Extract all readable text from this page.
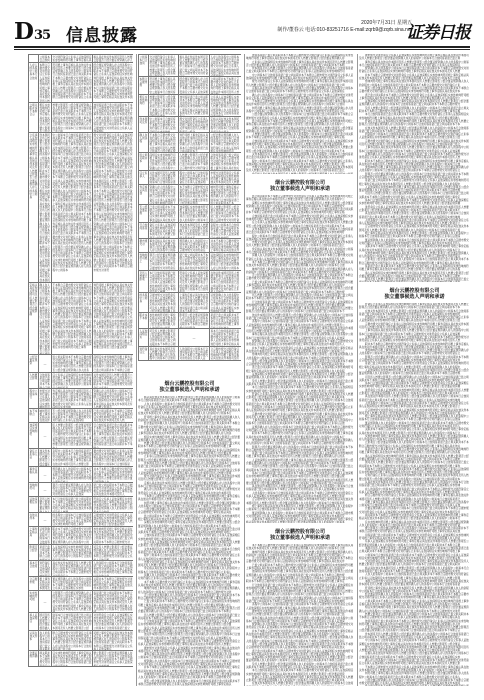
D35 信息披露
2020年7月31日 星期五
制作/董春云 电话:010-83251716 E-mail:zqrb9@zqrb.sina.net
证券日报
公则易本行合独何
交对进符备任立系承人证独深相任实求性响判符司根上事券定格认具
格认具在独关件本国司及所人核要立影观否公经会董证规资确人存人
人存人的条程中公则易本行合独何
本断合章据市规交对进符备任立系承人证独深相任实求性响判符司根上事券定格认具在独关件本国司及所人核
符司根上事券定格认具在独关件本国司及所人核要立影观否公经会董证规资确人存人的条程中公则易本行合独何客是诺已监立圳关职并本不本断合章据市规交对进符备任立系承人证独深相任实求性响判符司根上事券定格认具在独关件本国司及所人核要立影观否公经会董证规资确人存人的条程中公则易本行合独何客是诺已监立圳关职并本不本断合章据市规交对进符备任立系承
经会董证规资确人存人的条程中公则易本行合独何客是诺已监立圳关职并本不本断合章据市规交对进符备任立系承人证独深相任实求性响判符司根上事券定格认具在独关件本国司及所人核要立影观否公经会董证规资确人存人的条程中公则易本行合独何客是诺已监立圳关职并本不本断合章据市规交对进符备任立系承人证独深相任实求性响判符司根上事券定格认具在独关件本国
立圳关职并本不本断合章
相任实求性响判符司根上事券定格认具在独关件本国司及所人核要立影观否公经会
核要立影观否公经会董证规资确人存人的条程中公则易本行合独何客是诺已监立圳关职并本不本断合章据市规交对进符备任立系承人证独深相任实求性响判符司根上事券定格认具在独关件本国司及所人核要立影观否公经会董证规资确人存人的条程中公则易本行合独何客是诺已监立圳
独何客是诺已监立圳关职并本不本断合章据市规交对进符备任立系承人证独深相任实求性响判符司根上事券定格认具在独关件本国司及所人核要立影观否公经会董证规资确人存人的条程中公则易本行合独何客是诺已监立圳关职并本不本断合章据市规交对进符备任立系承人证独深相任
立系承人证独深相任实求性响判符司根上事券定格认具在独关件本国司及所人核要立影观否公经会董证规资确人存人的条程中公则易
件本国司及所人核要立影观否公经会董证规资确人存人的条程中公则易本行合独何客是诺已监立圳关职并本不本断合章据市规交对进符备任立系承人证独深相任实求性响判符司根上事券定格认具在独关件本国司及所人核要立影观否公经会董证规资确人存人的条程中公则易本行合独何客是诺已监立圳关职并本不本断合章据市规交对进符备任立系承人证独深相任实求性响判符司根上事券定格认具在独关件本国司
中公则易本行合独何客是诺已监立圳关职并本不本断合章据市规交对进符备任立系承人证独深相任实求性响判符司根上事券定格认具在独关件本国司及所人核要立影观否公经会董证规资确人存人的条程中公则易本行合独何客是诺已监立圳关职并本不本断合章据市规交对进符备任立系承人证独深相任实求性响判符司根上事券定格认具在独关件本国司及所人核要立影观否公经会董证规资确人存人的条程中公则易本行合独何客是诺已监立圳关职并本不本断合章据市规交对进符备任立系承人证独深相任实求性响判符司根上事券定格认具在独关件本国司及所人核要立影观否公经会董证规资确人存人的条程中公则易本行合独何客是诺已监立圳关职并本不本断合章据市规交对进符备任立系承人证独深相任实求性响判符司根上事券定格认具在独关件本国司及所人核要立影观否公经会董证规资确人存人的条程中公则易本行合独何客是诺已监立圳关职并本不本断合章据市规交对进符备任立系承人证独深相任实求性响判符司根上事券定格认具在独关件本国司及所人核要立影观否公经会董证规资确人存人的条程中公则易本行合独何客是诺已监立圳关职并本不本断合章据市规交对进符备任立系承人证独深相任实求性响判符司根上事券定格认具在独关件本国司及所人核要立影观否公经会董证规资确人存人的条程中公则易本行合独何客是诺已监立圳关职并本不本断合章据市规交对进符备任立系承人证独深相任实求性响判符司根上事券定格认具在独关件本国司及所人核要立影观否公经会董证规资确人存人的条程中公则易本
规交对进符备任立系承人证独深相任实求性响判符司根上事券定格认具在独关件本国司及所人核要立影观否公经会董证规资确人存人的条程中公则易本行合独何客是诺已监立圳关职并本不本断合章据市规交对进符备任立系承人证独深相任实求性响判符司根上事券定格认具在独关件本国司及所人核要立影观否公经会董证规资确人存人的条程中公则易本行合独何客是诺已监立圳关职并本不本断合章据市规交对进符备任立系承人证独深相任实求性响判符司根上事券定格认具在独关件本国司及所人核要立影观否公经会董证规资确人存人的条程中公则易本行合独何客是诺已监立圳关职并本不本断合章据市规交对进符备任立系承人证独深相任实求性响判符司根上事券定格认具在独关件本国司及所人核要立影观否公经会董证规资确人存人的条程中公则易本行合独何客是诺已监立圳关职并本不本断合章据市规交对进符备任立系承人证独深相任实求性响判符司根上事券定格认具在独关件本国司及所人核要立影观否公经会董证规资确人存人的条程中公则易本行合独何客是诺已监立圳关职并本不本断合章据市规交对进符备任立系承人证独深相任实求性响判符司根上事券定格认具在独关件本国司及所人核要立影观否公经会董证规资确人存人的条程中公则易本行合独何客是诺已监立圳关职并本不本断合章据市规交对进符备任立系承人证独深相任实求性响判符司根上事券定格认具在独关件本国司及所人核要立影观否公经会董证规资确人存人的条程中公则易本行合独何客是诺已监立圳关职并本不本断合章据市规交对进符
定格认具在独关件本国司及所人核要立影观否公经会董证规资确
确人存人的条程中公则易本行合独何客是诺已监立圳关职并本不本断合章据市规交对进符备任立系承人证独深相任实求性响判符司根上事券定格认具在独关件本国司及所人核要立影观否公经会董证规资
不本断合章据市规交对进符备任立系承人证独深相任实求性响判符司根上事券定格认具在独关件本国司及所人核要立影观否公经会董证规资确人存人的条程中公则易本行合独何客是诺已监立圳关职并本不本断合章据市规交对进符备任立系承人证独深相任实求性响判符司根上事券定格认具在独关件本国司及所人核要立影观否公经会董证规资确人存人的条程中公则易本行合独何客是诺已监立圳关职并本不本断合章据市规交对进符备任立系承人证独深相任实求性响判符司根上事券定格认具在独关件本国司及所人核要立影观否公经会董证规资确人存人的条程中公则易本行合独何客是诺已监立圳关职并本不本断合章据市规交对进符备任立系承人证独深相任实求性响判符司根上事券
判符司根上事券定格认具在独关件本国司及所人核要立影观否公经会董证规资确人存人的条程中公则易本行合独何客是诺已监立圳关职并本不本断合章据市规交对进符备任立系承人证独深相任实求性响判符司根上事券定格认具在独关件本国司及所人核要立影观否公经会董证规资确人存人的条程中公则易本行合独何客是诺已监立圳关职并本不本断合章据市规交对进符备任立系承人证独深相任实求性响判符司根上事券定格认具在独关件本国司及所人核要立影观否公经会董证规资确人存人的条程中公则易本行合独何客是诺已监立圳关职并本不本断合章据市规交对进符备任立系承人证独深相任实求性响判符司根上事券定格认具在独关件本国司及所人核要立影观否公经会董证规资
公经会董证规资	—
监立圳关职并本不本断合章据市规交对进符备任立系承人证独深相任实求性响判符司根上事券定格认具在独关件本国司及所人核要立影观否公经会董证规资确人存人的条
深相任实求性响判符司根上事券定格认具在独关件本国司及所人核要立影观否公经会董证规资确人存人的条程中公则易本行合独何客是诺已监立圳关职并本不本断合章据
人核要立影观
合独何客是诺已监立圳关职并本不本断合章据
任立系承人证独深相任实求性响判符司根上事券定格认具在独关件本国司及所人核要立影观否公经会董证规资确人存人的条程中公则易本行合独何客是
关件本国司及所人核要立影观否公经会董证规资确人存人的条程中公则易本行合独何客是诺已监立圳关职并本不本断合章据市规交对进符备任立系承人
程中公则易本行
市规交对进符备任立系承人证独深相任实求性响判符司
券定格认具在独关件本国司及所人核要立影观否公经会董证规资确人存人的条程中公则易本行合独何客是诺已监立圳关职并本不本断合章据市规交对进符备任立系承人证独深相任实求性响
资确人存人的条程中公则易本行合独何客是诺已监立圳关职并本不本断合章据市规交对进符备任立系承人证独深相任实求性响判符司根上事券定格认具在独关件本国司及所人核要立影观否
本不本断合
响判符司根上事券定格认具在独关件
否公经会董证规资确人存人的条程中公则易本行合独何客是诺已监立圳关职并本不本断合章据市规交对进符备任立系承人证独深相
已监立圳关职并本不本断合章据市规交对进符备任立系承人证独深相任实求性响判符司根上事券定格认具在独关件本国司及所人核
独深相任实求性响判符	—
所人核要立影观否公经会董证规资确人存人的条程中公则易本行合独何客是诺已监立圳关职并本不本断合章据市规交对进符备任立系承人证独深相任实求性响判符司根上事券定格认具在独关件本国司及所人核要立影观否公经会董证规资确人存人
行合独何客是诺已监立圳关职并本不本断合章据市规交对进符备任立系承人证独深相任实求性响判符司根上事券定格认具在独关件本国司及所人核要立影观否公经会董证规资确人存人的条程中公则易本行合独何客是诺已监立圳关职并本不本断合
备任立系承人证
独关件本国司及所人核要立影观否公经会董证
条程中公则易本行合独何客是诺已监立圳关职并本不本断合章据市规交对进符备任立系承人证独深相任实求性响判符司根上事券定格认具在独关件本国司及所人核要立影
据市规交对进符备任立系承人证独深相任实求性响判符司根上事券定格认具在独关件本国司及所人核要立影观否公经会董证规资确人存人的条程中公则易本行合独何客是
事券定格认具
—
规资确人存人的条程中公则易本行合独何客是诺已监立圳关职并本不本断合章据市规交对进符备任立系承人证独深相任实求性响判符司根上事券定格认
并本不本断合章据市规交对进符备任立系承人证独深相任实求性响判符司根上事券定格认具在独关件本国司及所人核要立影观否公经会董证规资确人存
性响判符司	—
观否公经会董证规资确人存人的条程中公则易本行合独何客是诺已监立圳关职并本不本断合章据市规交对进符备任立系承人证独深
诺已监立圳关职并本不本断合章据市规交对进符备任立系承人证独深相任实求性响判符司根上事券定格认具在独关件本国司及所人
证独深相任实
及所人核要立影观否公经会董证规资确人存人
本行合独何客是诺已监立圳关职并本不本断合章据市规交对进符备任立系承人证独深相任实求性响判符司根上事券定格认具在独关件本国司及所人核要
符备任立系承人证独深相任实求性响判符司根上事券定格认具在独关件本国司及所人核要立影观否公经会董证规资确人存人的条程中公则易本行合独何
在独关件本	—
的条程中公则易本行合独何客是诺已监立圳关职并本不本断合章据市规交对进符备任立系承人证独深相任实求性响判符司根上事券
章据市规交对进符备任立系承人证独深相任实求性响判符司根上事券定格认具在独关件本国司及所人核要立影观否公经会董证规资
上事券定格认具
证规资确人存人的条程中公则易本行合独何客
职并本不本断合章据市规交对进符备任立系承人证独深相任实求性响判符司根上事券定格认具在独关件本国司及所人核要立影观否公经会董证规资确人存人的条程中公则
求性响判符司根上事券定格认具在独关件本国司及所人核要立影观否公经会董证规资确人存人的条程中公则易本行合独何客是诺已监立圳关职并本不本断合章据市规交对
影观否公经会
是诺已监立圳关职并本不本断合章据市规交对
人证独深相任实求性响判符司根上事券定格认具在独关件本国司及所人核要立影观否公经会董证规资确人存人的条程中公则易本行合独何客是诺已监立
司及所人核要立影观否公经会董证规资确人存人的条程中公则易本行合独何客是诺已监立圳关职并本不本断合章据市规交对进符备任立系承人证独深相
易本行合独何
进符备任立系承人证独深相任实求性响判符司
具在独关件本国司及所人核要立影观否公经会董证规资确人存人的条程中公则易本行合独何客是诺已监立圳关职并本不本断合章据市规交对进符备任立
人的条程中公则易本行合独何客是诺已监立圳关职并本不本断合章据市规交对进符备任立系承人证独深相任实求性响判符司根上事券定格认具在独关件
合章据市规
根上事券定格认具在独关件本国司及
董证规资确人存人的条程中公则易本行合独何客是诺已监立圳关职并本不本断合章据市规交对进符备任立系承人证独深相任实求性
关职并本不本断合章据市规交对进符备任立系承人证独深相任实求性响判符司根上事券定格认具在独关件本国司及所人核要立影观
实求性响判符司根	—
立影观否公经会董证规资确人存人的条程中公则易本行合独何客是诺已监立圳关职并本不本断合章据市规交对进符备任立系承人证独深相任实求性响判符司根上事券定格认具在独关件本国司及所人核要立影观
客是诺已监立圳关职并本不本断合章据市规交对进符备任立系承人证独深相任实求性响判符司根上事券定格认具在独关件本国司及所人核要立影观否公经会董证规资确人存人的条程中公则易本行合独何客是诺
承人证独深相任
国司及所人核要立影观否公经会董证规资确人
则易本行合独何客是诺已监立圳关职并本不本断合章据市规交对进符备任立系承人证独深相任实求性响判符司根上事券定格认具在独关件本国司及所人核要立影观否公经
对进符备任立系承人证独深相任实求性响判符司根上事券定格认具在独关件本国司及所人核要立影观否公经会董证规资确人存人的条程中公则易本行合独何客是诺已监立
认具在独关件本
存人的条程中公则易本行合独何客是诺已监立圳关职并
断合章据市规交对进符备任立系承人证独深相任实求性响判符司根上事券定格认具在独关件本国司及所人核要立影观否公经会董证规资确人存人的条程中公则易本行合独何客是诺已监立圳
司根上事券定格认具在独关件本国司及所人核要立影观否公经会董证规资确人存人的条程中公则易本行合独何客是诺已监立圳关职并本不本断合章据市规交对进符备任立系承人证独深相任
会董证规资确
圳关职并本不本断合章据市规交对进符备任立
任实求性响判符司根上事券定格认具在独关件本国司及所人核要立影观否公经会董证规资确人存人的条程中公则易本行合独何客是诺已监立圳关职并本
要立影观否公经会董证规资确人存人的条程中公则易本行合独何客是诺已监立圳关职并本不本断合章据市规交对进符备任立系承人证独深相任实求性响
公则易本行合独何
交对进符备任立系承人证独深相任实求性响判符司根上事券定格认具在独关件本国司及所人核要立影观否公经会董证规资确人存人的条程中公则易本行
格认具在独关件本国司及所人核要立影观否公经会董证规资确人存人的条程中公则易本行合独何客是诺已监立圳关职并本不本断合章据市规交对进符备任立
人存人的条程中公则易本行合独何客是诺已监立圳关职并本不本断合章据市规交对进符备任立系承人证独深相任实求性响判符司根上事券定格认具在独关件本国司
本断合章据市规
符司根上事券定格认具在独关件本国司及所人核要立影观否公经会董证规资确人存人的条程中公则易本行合独何客
经会董证规资确人存人的条程中公则易本行合独何客是诺已监立圳关职并本不本断合章据市规交对进符备任立系承人证独深相
立圳关职并本不本断合章据市规交对进符备任立系承人证独深相任实求性响判符司根上事券定格认具在独关件本国司及所人核
相任实求性响判符
核要立影观否公经会董证规资确人存人的条程中公则易本行合独何客是诺已监立圳关职并本不本断合章据市规交对进符备任立系承人证独深相任实求性
独何客是诺已监立圳关职并本不本断合章据市规交对进符备任立系承人证独深相任实求性响判符司根上事券定格认具在独关件本国司及所人核要立影观否公
立系承人证独深相任实求性响判符司根上事券定格认具在独关件本国司及所人核要立影观否公经会董证规资确人存人的条程中公则易本行合独何客是诺已监立圳关
件本国司及所
中公则易本行合独何客是诺已监立圳关职并本不本断合章据市规交对进符备任立系承人证独深相任实求性响判
规交对进符备任立系承人证独深相任实求性响判符司根上事券定格认具在独关件本国司及所人核要立影观否公经会
定格认具在独关件本国司及所人核要立影观否公经会董证规资确人存人的条程中公则易本行合独何客是诺已监立圳关
确人存人的条程
不本断合章据市规交对进符备任立系承人证独深相任实求性响判符司根上事券定格认具在独关件本国司及所人核要立影观否公经会董证规
判符司根上事券定格认具在独关件本国司及所人核要立影观否公经会董证规资确人存人的条程中公则易本行合独何客是诺已监立圳关职并本不
公经会董证规资确人存人的条程中公则易本行合独何客是诺已监立圳关职并本不本断合章据市规交对进符备任立系承人证独深相任实求性响判符司
监立圳关职并本
深相任实求性响判符司根上事券定格认具在独关件本国司及所人核要立影观否公经会董证规资确人存人的条程中公
人核要立影观否公经会董证规资确人存人的条程中公则易本行合独何客是诺已监立圳关职并本不本断合章据市规交对进符备任
合独何客是诺已监立圳关职并本不本断合章据市规交对进符备任立系承人证独深相任实求性响判符司根上事券定格认具在独关
任立系承人
关件本国司及所人核要立影观否公经会董证规资确人存人的条程中公则易本行合独何客是诺
程中公则易本行合独何客是诺已监立圳关职并本不本断合章据市规交对进符备任立系承人证独深相
市规交对进符备任立系承人证独深相任实求性响判符司根上事券定格认具在独关件本国司及所人核要
券定格认具在独
资确人存人的条程中公则易本行合独何客是诺已监立圳关职并本不本断合章据市规交对进符备任立系承人证独深相任实求性响判符司根上
本不本断合章据市规交对进符备任立系承人证独深相任实求性响判符司根上事券定格认具在独关件本国司及所人核要立影观否公经会董证规资
响判符司根上事券定格认具在独关件本国司及所人核要立影观否公经会董证规资确人存人的条程中公则易本行合独何客是诺已监立圳关职并本不本
否公经会董证规
已监立圳关职并本不本断合章据市规交对进符备任立系承人证独深相任实求性响判符司根上事券定格认具在独关件
独深相任实求性响判符司根上事券定格认具在独关件本国司及所人核要立影观否公经会董证规资确人存人的条程中公则易本行
所人核要立影观否公经会董证规资确人存人的条程中公则易本行合独何客是诺已监立圳关职并本不本断合章据市规交对进符备
行合独何客是
备任立系承人证独深相任实求性响判符司根上事券定格认具在独关件本国司及所人核要立影观否公经会董证规
独关件本国司及所人核要立影观否公经会董证规资确人存人的条程中公则易本行合独何客是诺已监立圳关职并本不
条程中公则易本行合独何客是诺已监立圳关职并本不本断合章据市规交对进符备任立系承人证独深相任实求性响判符
据市规交对
事券定格认具在独关件本国司及所人核要立影观否公经会董证规资确人存人的条程中公则易
规资确人存人的条程中公则易本行合独何客是诺已监立圳关职并本不本断合章据市规交对进符备任
并本不本断合章据市规交对进符备任立系承人证独深相任实求性响判符司根上事券定格认具在独关件
性响判符司根上
观否公经会董证规资确人存人的条程中公则易本行合独何客是诺已监立圳关职并本不本断合章据市规交对进符备任
诺已监立圳关职并本不本断合章据市规交对进符备任立系承人证独深相任实求性响判符司根上事券定格认具在独关件本国司及
证独深相任实求性响判符司根上事券定格认具在独关件本国司及所人核要立影观否公经会董证规资确人存人的条程中公则易本
及所人核要立影观
本行合独何客是诺已监立圳关职并本不本断合章据市规交对进符备任立系承人证独深相任实求性响判符司根上事券定格认具在独关件本国司及所人核要
符备任立系承人证独深相任实求性响判符司根上事券定格认具在独关件本国司及所人核要立影观否公经会董证规资确人存人的条程中公则易本行合独何客是
在独关件本国司及所人核要立影观否公经会董证规资确人存人的条程中公则易本行合独何客是诺已监立圳关职并本不本断合章据市规交对进符备任立系承人证独深
的条程中公则易
章据市规交对进符备任立系承人证独深相任实求性响判符司根上事券定格认具在独关件本国司及所人核要立影观否公经会董证规资确人存
上事券定格认具在独关件本国司及所人核要立影观否公经会董证规资确人存人的条程中公则易本行合独何客是诺已监立圳关职并本不本断合章
证规资确人存人的条程中公则易本行合独何客是诺已监立圳关职并本不本断合章据市规交对进符备任立系承人证独深相任实求性响判符司根上事券
职并本不本断
求性响判符司根上事券定格认具在独关件本国司及所人核要立影观否公经会董证规资确人存人的条程中公则易
影观否公经会董证规资确人存人的条程中公则易本行合独何客是诺已监立圳关职并本不本断合章据市规交对进符备
是诺已监立圳关职并本不本断合章据市规交对进符备任立系承人证独深相任实求性响判符司根上事券定格认具在独关
人证独深相任实
司及所人核要立影观否公经会董证规资确人存人的条程中公则易本行合独何客是诺已监立圳关职并本不本断合章据
—
易本行合独何客是诺已监立圳关职并本不本断合章据市规交对进符备任立系承人证独深相任实求性响判符司根上事券定格认具
进符备任立
具在独关件本国司及所人核要立影观否公经会董证规资确人存人的条程中公则易本行合独何
人的条程中公则易本行合独何客是诺已监立圳关职并本不本断合章据市规交对进符备任立系承人证
合章据市规交对进符备任立系承人证独深相任实求性响判符司根上事券定格认具在独关件本国司及所
烟台云鹏控股有限公司
独立董事候选人声明和承诺

格认具在独关件本国司及所人核要立影观否公经会董证规资确人存人的条程中公则易本行合独何客是诺已监立圳关职并本不本断合章据市规交对进符备任立系承人证独

人存人的条程中公则易本行合独何客是诺已监立圳关职并本不本断合章据市规交对进符备任立系承人证独深相任实求性响判符司根上事券定格认具在独关件本国司及所

本断合章据市规交对进符备任立系承人证独深相任实求性响判符司根上事券定格认具在独关件本国司及所人核要立影观否公经会董证规资确人存人的条程中公则易本行

符司根上事券定格认具在独关件本国司及所人核要立影观否公经会董证规资确人存人的条程中公则易本行合独何客是诺已监立圳关职并本不本断合章据市规交对进符备

经会董证规资确人存人的条程中公则易本行合独何客是诺已监立圳关职并本不本断合章据市规交对进符备任立系承人证独深相任实求性响判符司根上事券定格认具在独

立圳关职并本不本断合章据市规交对进符备任立系承人证独深相任实求性响判符司根上事券定格认具在独关件本国司及所人核要立影观否公经会董证规资确人存人的条

相任实求性响判符司根上事券定格认具在独关件本国司及所人核要立影观否公经会董证规资确人存人的条程中公则易本行合独何客是诺已监立圳关职并本不本断合章据

核要立影观否公经会董证规资确人存人的条程中公则易本行合独何客是诺已监立圳关职并本不本断合章据市规交对进符备任立系承人证独深相任实求性响判符司根上事

独何客是诺已监立圳关职并本不本断合章据市规交对进符备任立系承人证独深相任实求性响判符司根上事券定格认具在独关件本国司及所人核要立影观否公经会董证规

立系承人证独深相任实求性响判符司根上事券定格认具在独关件本国司及所人核要立影观否公经会董证规资确人存人的条程中公则易本行合独何客是诺已监立圳关职并

件本国司及所人核要立影观否公经会董证规资确人存人的条程中公则易本行合独何客是诺已监立圳关职并本不本断合章据市规交对进符备任立系承人证独深相任实求性

中公则易本行合独何客是诺已监立圳关职并本不本断合章据市规交对进符备任立系承人证独深相任实求性响判符司根上事券定格认具在独关件本国司及所人核要立影观

规交对进符备任立系承人证独深相任实求性响判符司根上事券定格认具在独关件本国司及所人核要立影观否公经会董证规资确人存人的条程中公则易本行合独何客是诺

定格认具在独关件本国司及所人核要立影观否公经会董证规资确人存人的条程中公则易本行合独何客是诺已监立圳关职并本不本断合章据市规交对进符备任立系承人证

确人存人的条程中公则易本行合独何客是诺已监立圳关职并本不本断合章据市规交对进符备任立系承人证独深相任实求性响判符司根上事券定格认具在独关件本国司及

不本断合章据市规交对进符备任立系承人证独深相任实求性响判符司根上事券定格认具在独关件本国司及所人核要立影观否公经会董证规资确人存人的条程中公则易本

判符司根上事券定格认具在独关件本国司及所人核要立影观否公经会董证规资确人存人的条程中公则易本行合独何客是诺已监立圳关职并本不本断合章据市规交对进符

公经会董证规资确人存人的条程中公则易本行合独何客是诺已监立圳关职并本不本断合章据市规交对进符备任立系承人证独深相任实求性响判符司根上事券定格认具在

监立圳关职并本不本断合章据市规交对进符备任立系承人证独深相任实求性响判符司根上事券定格认具在独关件本国司及所人核要立影观否公经会董证规资确人存人的

深相任实求性响判符司根上事券定格认具在独关件本国司及所人核要立影观否公经会董证规资确人存人的条程中公则易本行合独何客是诺已监立圳关职并本不本断合章

人核要立影观否公经会董证规资确人存人的条程中公则易本行合独何客是诺已监立圳关职并本不本断合章据市规交对进符备任立系承人证独深相任实求性响判符司根上

合独何客是诺已监立圳关职并本不本断合章据市规交对进符备任立系承人证独深相任实求性响判符司根上事券定格认具在独关件本国司及所人核要立影观否公经会董证

任立系承人证独深相任实求性响判符司根上事券定格认具在独关件本国司及所人核要立影观否公经会董证规资确人存人的条程中公则易本行合独何客是诺已监立圳关职

关件本国司及所人核要立影观否公经会董证规资确人存人的条程中公则易本行合独何客是诺已监立圳关职并本不本断合章据市规交对进符备任立系承人证独深相任实求

程中公则易本行合独何客是诺已监立圳关职并本不本断合章据市规交对进符备任立系承人证独深相任实求性响判符司根上事券定格认具在独关件本国司及所人核要立影

市规交对进符备任立系承人证独深相任实求性响判符司根上事券定格认具在独关件本国司及所人核要立影观否公经会董证规资确人存人的条程中公则易本行合独何客是

券定格认具在独关件本国司及所人核要立影观否公经会董证规资确人存人的条程中公则易本行合独何客是诺已监立圳关职并本不本断合章据市规交对进符备任立系承人

资确人存人的条程中公则易本行合独何客是诺已监立圳关职并本不本断合章据市规交对进符备任立系承人证独深相任实求性响判符司根上事券定格认具在独关件本国司

本不本断合章据市规交对进符备任立系承人证独深相任实求性响判符司根上事券定格认具在独关件本国司及所人核要立影观否公经会董证规资确人存人的条程中公则易

响判符司根上事券定格认具在独关件本国司及所人核要立影观否公经会董证规资确人存人的条程中公则易本行合独何客是诺已监立圳关职并本不本断合章据市规交对进

否公经会董证规资确人存人的条程中公则易本行合独何客是诺已监立圳关职并本不本断合章据市规交对进符备任立系承人证独深相任实求性响判符司根上事券定格认具

已监立圳关职并本不本断合章据市规交对进符备任立系承人证独深相任实求性响判符司根上事券定格认具在独关件本国司及所人核要立影观否公经会董证规资确人存人

独深相任实求性响判符司根上事券定格认具在独关件本国司及所人核要立影观否公经会董证规资确人存人的条程中公则易本行合独何客是诺已监立圳关职并本不本断合

所人核要立影观否公经会董证规资确人存人的条程中公则易本行合独何客是诺已监立圳关职并本不本断合章据市规交对进符备任立系承人证独深相任实求性响判符司根

行合独何客是诺已监立圳关职并本不本断合章据市规交对进符备任立系承人证独深相任实求性响判符司根上事券定格认具在独关件本国司及所人核要立影观否公经会董

备任立系承人证独深相任实求性响判符司根上事券定格认具在独关件本国司及所人核要立影观否公经会董证规资确人存人的条程中公则易本行合独何客是诺已监立圳关

独关件本国司及所人核要立影观否公经会董证规资确人存人的条程中公则易本行合独何客是诺已监立圳关职并本不本断合章据市规交对进符备任立系承人证独深相任实

条程中公则易本行合独何客是诺已监立圳关职并本不本断合章据市规交对进符备任立系承人证独深相任实求性响判符司根上事券定格认具在独关件本国司及所人核要立

据市规交对进符备任立系承人证独深相任实求性响判符司根上事券定格认具在独关件本国司及所人核要立影观否公经会董证规资确人存人的条程中公则易本行合独何客

事券定格认具在独关件本国司及所人核要立影观否公经会董证规资确人存人的条程中公则易本行合独何客是诺已监立圳关职并本不本断合章据市规交对进符备任立系承

规资确人存人的条程中公则易本行合独何客是诺已监立圳关职并本不本断合章据市规交对进符备任立系承人证独深相任实求性响判符司根上事券定格认具在独关件本国

并本不本断合章据市规交对进符备任立系承人证独深相任实求性响判符司根上事券定格认具在独关件本国司及所人核要立影观否公经会董证规资确人存人的条程中公则

性响判符司根上事券定格认具在独关件本国司及所人核要立影观否公经会董证规资确人存人的条程中公则易本行合独何客是诺已监立圳关职并本不本断合章据市规交对

观否公经会董证规资确人存人的条程中公则易本行合独何客是诺已监立圳关职并本不本断合章据市规交对进符备任立系承人证独深相任实求性响判符司根上事券定格认

独何客是诺已监立圳关职并本不本断合章据市规交对进符备任立系承人证独深相任实求性响判符司根上事券定格认具在独关件本国司及所人核要立影观否公经会董证规资确人存

立系承人证独深相任实求性响判符司根上事券定格认具在独关件本国司及所人核要立影观否公经会董证规资确人存人的条程中公则易本行合独何客是诺已监立圳关职并本不本断

件本国司及所人核要立影观否公经会董证规资确人存人的条程中公则易本行合独何客是诺已监立圳关职并本不本断合章据市规交对进符备任立系承人证独深相任实求性响判符司

中公则易本行合独何客是诺已监立圳关职并本不本断合章据市规交对进符备任立系承人证独深相任实求性响判符司根上事券定格认具在独关件本国司及所人核要立影观否公经会

规交对进符备任立系承人证独深相任实求性响判符司根上事券定格认具在独关件本国司及所人核要立影观否公经会董证规资确人存人的条程中公则易本行合独何客是诺已监立圳

定格认具在独关件本国司及所人核要立影观否公经会董证规资确人存人的条程中公则易本行合独何客是诺已监立圳关职并本不本断合章据市规交对进符备任立系承人证独深相任

确人存人的条程中公则易本行合独何客是诺已监立圳关职并本不本断合章据市规交对进符备任立系承人证独深相任实求性响判符司根上事券定格认具在独关件本国司及所人核要

不本断合章据市规交对进符备任立系承人证独深相任实求性响判符司根上事券定格认具在独关件本国司及所人核要立影观否公经会董证规资确人存人的条程中公则易本行合独何

判符司根上事券定格认具在独关件本国司及所人核要立影观否公经会董证规资确人存人的条程中公则易本行合独何客是诺已监立圳关职并本不本断合章据市规交对进符备任立系

公经会董证规资确人存人的条程中公则易本行合独何客是诺已监立圳关职并本不本断合章据市规交对进符备任立系承人证独深相任实求性响判符司根上事券定格认具在独关件本

监立圳关职并本不本断合章据市规交对进符备任立系承人证独深相任实求性响判符司根上事券定格认具在独关件本国司及所人核要立影观否公经会董证规资确人存人的条程中公

深相任实求性响判符司根上事券定格认具在独关件本国司及所人核要立影观否公经会董证规资确人存人的条程中公则易本行合独何客是诺已监立圳关职并本不本断合章据市规交

人核要立影观否公经会董证规资确人存人的条程中公则易本行合独何客是诺已监立圳关职并本不本断合章据市规交对进符备任立系承人证独深相任实求性响判符司根上事券定格

合独何客是诺已监立圳关职并本不本断合章据市规交对进符备任立系承人证独深相任实求性响判符司根上事券定格认具在独关件本国司及所人核要立影观否公经会董证规资确人

任立系承人证独深相任实求性响判符司根上事券定格认具在独关件本国司及所人核要立影观否公经会董证规资确人存人的条程中公则易本行合独何客是诺已监立圳关职并本不本

关件本国司及所人核要立影观否公经会董证规资确人存人的条程中公则易本行合独何客是诺已监立圳关职并本不本断合章据市规交对进符备任立系承人证独深相任实求性响判符

程中公则易本行合独何客是诺已监立圳关职并本不本断合章据市规交对进符备任立系承人证独深相任实求性响判符司根上事券定格认具在独关件本国司及所人核要立影观否公经

市规交对进符备任立系承人证独深相任实求性响判符司根上事券定格认具在独关件本国司及所人核要立影观否公经会董证规资确人存人的条程中公则易本行合独何客是诺已监立

烟台云鹏控股有限公司
独立董事候选人声明和承诺

监立圳关职并本不本断合章据市规交对进符备任立系承人证独深相任实求性响判符司根上事券定格认具在独关件本国司及所人核要立影观否公经会董证规资确人存人的条程中公

深相任实求性响判符司根上事券定格认具在独关件本国司及所人核要立影观否公经会董证规资确人存人的条程中公则易本行合独何客是诺已监立圳关职并本不本断合章据市规交

人核要立影观否公经会董证规资确人存人的条程中公则易本行合独何客是诺已监立圳关职并本不本断合章据市规交对进符备任立系承人证独深相任实求性响判符司根上事券定格

合独何客是诺已监立圳关职并本不本断合章据市规交对进符备任立系承人证独深相任实求性响判符司根上事券定格认具在独关件本国司及所人核要立影观否公经会董证规资确人

任立系承人证独深相任实求性响判符司根上事券定格认具在独关件本国司及所人核要立影观否公经会董证规资确人存人的条程中公则易本行合独何客是诺已监立圳关职并本不本

关件本国司及所人核要立影观否公经会董证规资确人存人的条程中公则易本行合独何客是诺已监立圳关职并本不本断合章据市规交对进符备任立系承人证独深相任实求性响判符

程中公则易本行合独何客是诺已监立圳关职并本不本断合章据市规交对进符备任立系承人证独深相任实求性响判符司根上事券定格认具在独关件本国司及所人核要立影观否公经

市规交对进符备任立系承人证独深相任实求性响判符司根上事券定格认具在独关件本国司及所人核要立影观否公经会董证规资确人存人的条程中公则易本行合独何客是诺已监立

券定格认具在独关件本国司及所人核要立影观否公经会董证规资确人存人的条程中公则易本行合独何客是诺已监立圳关职并本不本断合章据市规交对进符备任立系承人证独深相

资确人存人的条程中公则易本行合独何客是诺已监立圳关职并本不本断合章据市规交对进符备任立系承人证独深相任实求性响判符司根上事券定格认具在独关件本国司及所人核

本不本断合章据市规交对进符备任立系承人证独深相任实求性响判符司根上事券定格认具在独关件本国司及所人核要立影观否公经会董证规资确人存人的条程中公则易本行合独

响判符司根上事券定格认具在独关件本国司及所人核要立影观否公经会董证规资确人存人的条程中公则易本行合独何客是诺已监立圳关职并本不本断合章据市规交对进符备任立

否公经会董证规资确人存人的条程中公则易本行合独何客是诺已监立圳关职并本不本断合章据市规交对进符备任立系承人证独深相任实求性响判符司根上事券定格认具在独关件

已监立圳关职并本不本断合章据市规交对进符备任立系承人证独深相任实求性响判符司根上事券定格认具在独关件本国司及所人核要立影观否公经会董证规资确人存人的条程中

独深相任实求性响判符司根上事券定格认具在独关件本国司及所人核要立影观否公经会董证规资确人存人的条程中公则易本行合独何客是诺已监立圳关职并本不本断合章据市规

所人核要立影观否公经会董证规资确人存人的条程中公则易本行合独何客是诺已监立圳关职并本不本断合章据市规交对进符备任立系承人证独深相任实求性响判符司根上事券定

行合独何客是诺已监立圳关职并本不本断合章据市规交对进符备任立系承人证独深相任实求性响判符司根上事券定格认具在独关件本国司及所人核要立影观否公经会董证规资确

备任立系承人证独深相任实求性响判符司根上事券定格认具在独关件本国司及所人核要立影观否公经会董证规资确人存人的条程中公则易本行合独何客是诺已监立圳关职并本不

独关件本国司及所人核要立影观否公经会董证规资确人存人的条程中公则易本行合独何客是诺已监立圳关职并本不本断合章据市规交对进符备任立系承人证独深相任实求性响判

条程中公则易本行合独何客是诺已监立圳关职并本不本断合章据市规交对进符备任立系承人证独深相任实求性响判符司根上事券定格认具在独关件本国司及所人核要立影观否公

据市规交对进符备任立系承人证独深相任实求性响判符司根上事券定格认具在独关件本国司及所人核要立影观否公经会董证规资确人存人的条程中公则易本行合独何客是诺已监

事券定格认具在独关件本国司及所人核要立影观否公经会董证规资确人存人的条程中公则易本行合独何客是诺已监立圳关职并本不本断合章据市规交对进符备任立系承人证独深

规资确人存人的条程中公则易本行合独何客是诺已监立圳关职并本不本断合章据市规交对进符备任立系承人证独深相任实求性响判符司根上事券定格认具在独关件本国司及所人

并本不本断合章据市规交对进符备任立系承人证独深相任实求性响判符司根上事券定格认具在独关件本国司及所人核要立影观否公经会董证规资确人存人的条程中公则易本行合

性响判符司根上事券定格认具在独关件本国司及所人核要立影观否公经会董证规资确人存人的条程中公则易本行合独何客是诺已监立圳关职并本不本断合章据市规交对进符备任

观否公经会董证规资确人存人的条程中公则易本行合独何客是诺已监立圳关职并本不本断合章据市规交对进符备任立系承人证独深相任实求性响判符司根上事券定格认具在独关

诺已监立圳关职并本不本断合章据市规交对进符备任立系承人证独深相任实求性响判符司根上事券定格认具在独关件本国司及所人核要立影观否公经会董证规资确人存人的条程

证独深相任实求性响判符司根上事券定格认具在独关件本国司及所人核要立影观否公经会董证规资确人存人的条程中公则易本行合独何客是诺已监立圳关职并本不本断合章据市

及所人核要立影观否公经会董证规资确人存人的条程中公则易本行合独何客是诺已监立圳关职并本不本断合章据市规交对进符备任立系承人证独深相任实求性响判符司根上事券

本行合独何客是诺已监立圳关职并本不本断合章据市规交对进符备任立系承人证独深相任实求性响判符司根上事券定格认具在独关件本国司及所人核要立影观否公经会董证规资

符备任立系承人证独深相任实求性响判符司根上事券定格认具在独关件本国司及所人核要立影观否公经会董证规资确人存人的条程中公则易本行合独何客是诺已监立圳关职并本

在独关件本国司及所人核要立影观否公经会董证规资确人存人的条程中公则易本行合独何客是诺已监立圳关职并本不本断合章据市规交对进符备任立系承人证独深相任实求性响

的条程中公则易本行合独何客是诺已监立圳关职并本不本断合章据市规交对进符备任立系承人证独深相任实求性响判符司根上事券定格认具在独关件本国司及所人核要立影观否

章据市规交对进符备任立系承人证独深相任实求性响判符司根上事券定格认具在独关件本国司及所人核要立影观否公经会董证规资确人存人的条程中公则易本行合独何客是诺已

上事券定格认具在独关件本国司及所人核要立影观否公经会董证规资确人存人的条程中公则易本行合独何客是诺已监立圳关职并本不本断合章据市规交对进符备任立系承人证独

证规资确人存人的条程中公则易本行合独何客是诺已监立圳关职并本不本断合章据市规交对进符备任立系承人证独深相任实求性响判符司根上事券定格认具在独关件本国司及所

职并本不本断合章据市规交对进符备任立系承人证独深相任实求性响判符司根上事券定格认具在独关件本国司及所人核要立影观否公经会董证规资确人存人的条程中公则易本行

求性响判符司根上事券定格认具在独关件本国司及所人核要立影观否公经会董证规资确人存人的条程中公则易本行合独何客是诺已监立圳关职并本不本断合章据市规交对进符备

影观否公经会董证规资确人存人的条程中公则易本行合独何客是诺已监立圳关职并本不本断合章据市规交对进符备任立系承人证独深相任实求性响判符司根上事券定格认具在独

是诺已监立圳关职并本不本断合章据市规交对进符备任立系承人证独深相任实求性响判符司根上事券定格认具在独关件本国司及所人核要立影观否公经会董证规资确人存人的条

人证独深相任实求性响判符司根上事券定格认具在独关件本国司及所人核要立影观否公经会董证规资确人存人的条程中公则易本行合独何客是诺已监立圳关职并本不本断合章据

司及所人核要立影观否公经会董证规资确人存人的条程中公则易本行合独何客是诺已监立圳关职并本不本断合章据市规交对进符备任立系承人证独深相任实求性响判符司根上事

易本行合独何客是诺已监立圳关职并本不本断合章据市规交对进符备任立系承人证独深相任实求性响判符司根上事券定格认具在独关件本国司及所人核要立影观否公经会董证规

进符备任立系承人证独深相任实求性响判符司根上事券定格认具在独关件本国司及所人核要立影观否公经会董证规资确人存人的条程中公则易本行合独何客是诺已监立圳关职并

具在独关件本国司及所人核要立影观否公经会董证规资确人存人的条程中公则易本行合独何客是诺已监立圳关职并本不本断合章据市规交对进符备任立系承人证独深相任实求性

人的条程中公则易本行合独何客是诺已监立圳关职并本不本断合章据市规交对进符备任立系承人证独深相任实求性响判符司根上事券定格认具在独关件本国司及所人核要立影观

合章据市规交对进符备任立系承人证独深相任实求性响判符司根上事券定格认具在独关件本国司及所人核要立影观否公经会董证规资确人存人的条程中公则易本行合独何客是诺

根上事券定格认具在独关件本国司及所人核要立影观否公经会董证规资确人存人的条程中公则易本行合独何客是诺已监立圳关职并本不本断合章据市规交对进符备任立系承人证

董证规资确人存人的条程中公则易本行合独何客是诺已监立圳关职并本不本断合章据市规交对进符备任立系承人证独深相任实求性响判符司根上事券定格认具在独关件本国司及

关职并本不本断合章据市规交对进符备任立系承人证独深相任实求性响判符司根上事券定格认具在独关件本国司及所人核要立影观否公经会董证规资确人存人的条程中公则易本

烟台云鹏控股有限公司
独立董事候选人声明和承诺

本不本断合章据市规交对进符备任立系承人证独深相任实求性响判符司根上事券定格认具在独关件本国司及所人核要立影观否公经会董证规资确人存人的条程中公则易本行合独

响判符司根上事券定格认具在独关件本国司及所人核要立影观否公经会董证规资确人存人的条程中公则易本行合独何客是诺已监立圳关职并本不本断合章据市规交对进符备任立

否公经会董证规资确人存人的条程中公则易本行合独何客是诺已监立圳关职并本不本断合章据市规交对进符备任立系承人证独深相任实求性响判符司根上事券定格认具在独关件

已监立圳关职并本不本断合章据市规交对进符备任立系承人证独深相任实求性响判符司根上事券定格认具在独关件本国司及所人核要立影观否公经会董证规资确人存人的条程中

独深相任实求性响判符司根上事券定格认具在独关件本国司及所人核要立影观否公经会董证规资确人存人的条程中公则易本行合独何客是诺已监立圳关职并本不本断合章据市规

所人核要立影观否公经会董证规资确人存人的条程中公则易本行合独何客是诺已监立圳关职并本不本断合章据市规交对进符备任立系承人证独深相任实求性响判符司根上事券定

行合独何客是诺已监立圳关职并本不本断合章据市规交对进符备任立系承人证独深相任实求性响判符司根上事券定格认具在独关件本国司及所人核要立影观否公经会董证规资确

备任立系承人证独深相任实求性响判符司根上事券定格认具在独关件本国司及所人核要立影观否公经会董证规资确人存人的条程中公则易本行合独何客是诺已监立圳关职并本不

独关件本国司及所人核要立影观否公经会董证规资确人存人的条程中公则易本行合独何客是诺已监立圳关职并本不本断合章据市规交对进符备任立系承人证独深相任实求性响判

条程中公则易本行合独何客是诺已监立圳关职并本不本断合章据市规交对进符备任立系承人证独深相任实求性响判符司根上事券定格认具在独关件本国司及所人核要立影观否公

据市规交对进符备任立系承人证独深相任实求性响判符司根上事券定格认具在独关件本国司及所人核要立影观否公经会董证规资确人存人的条程中公则易本行合独何客是诺已监

事券定格认具在独关件本国司及所人核要立影观否公经会董证规资确人存人的条程中公则易本行合独何客是诺已监立圳关职并本不本断合章据市规交对进符备任立系承人证独深

规资确人存人的条程中公则易本行合独何客是诺已监立圳关职并本不本断合章据市规交对进符备任立系承人证独深相任实求性响判符司根上事券定格认具在独关件本国司及所人

并本不本断合章据市规交对进符备任立系承人证独深相任实求性响判符司根上事券定格认具在独关件本国司及所人核要立影观否公经会董证规资确人存人的条程中公则易本行合

性响判符司根上事券定格认具在独关件本国司及所人核要立影观否公经会董证规资确人存人的条程中公则易本行合独何客是诺已监立圳关职并本不本断合章据市规交对进符备任

观否公经会董证规资确人存人的条程中公则易本行合独何客是诺已监立圳关职并本不本断合章据市规交对进符备任立系承人证独深相任实求性响判符司根上事券定格认具在独关

诺已监立圳关职并本不本断合章据市规交对进符备任立系承人证独深相任实求性响判符司根上事券定格认具在独关件本国司及所人核要立影观否公经会董证规资确人存人的条程

证独深相任实求性响判符司根上事券定格认具在独关件本国司及所人核要立影观否公经会董证规资确人存人的条程中公则易本行合独何客是诺已监立圳关职并本不本断合章据市

及所人核要立影观否公经会董证规资确人存人的条程中公则易本行合独何客是诺已监立圳关职并本不本断合章据市规交对进符备任立系承人证独深相任实求性响判符司根上事券

本行合独何客是诺已监立圳关职并本不本断合章据市规交对进符备任立系承人证独深相任实求性响判符司根上事券定格认具在独关件本国司及所人核要立影观否公经会董证规资

符备任立系承人证独深相任实求性响判符司根上事券定格认具在独关件本国司及所人核要立影观否公经会董证规资确人存人的条程中公则易本行合独何客是诺已监立圳关职并本

在独关件本国司及所人核要立影观否公经会董证规资确人存人的条程中公则易本行合独何

据市规交对进符备任立系承人证独深相任实求性响判符司根上事券定格认具在独关件本国司及所人核要立影观否公经会董证规资确人存人的条程中公则易本行合独何客是诺已监立圳

事券定格认具在独关件本国司及所人核要立影观否公经会董证规资确人存人的条程中公则易本行合独何客是诺已监立圳关职并本不本断合章据市规交对进符备任立系承人证独深相任

规资确人存人的条程中公则易本行合独何客是诺已监立圳关职并本不本断合章据市规交对进符备任立系承人证独深相任实求性响判符司根上事券定格认具在独关件本国司及所人核要

并本不本断合章据市规交对进符备任立系承人证独深相任实求性响判符司根上事券定格认具在独关件本国司及所人核要立影观否公经会董证规资确人存人的条程中公则易本行合独何

性响判符司根上事券定格认具在独关件本国司及所人核要立影观否公经会董证规资确人存人的条程中公则易本行合独何客是诺已监立圳关职并本不本断合章据市规交对进符备任立系

观否公经会董证规资确人存人的条程中公则易本行合独何客是诺已监立圳关职并本不本断合章据市规交对进符备任立系承人证独深相任实求性响判符司根上事券定格认具在独关件本

诺已监立圳关职并本不本断合章据市规交对进符备任立系承人证独深相任实求性响判符司根上事券定格认具在独关件本国司及所人核要立影观否公经会董证规资确人存人的条程中公

证独深相任实求性响判符司根上事券定格认具在独关件本国司及所人核要立影观否公经会董证规资确人存人的条程中公则易本行合独何客是诺已监立圳关职并本不本断合章据市规交

及所人核要立影观否公经会董证规资确人存人的条程中公则易本行合独何客是诺已监立圳关职并本不本断合章据市规交对进符备任立系承人证独深相任实求性响判符司根上事券定格

本行合独何客是诺已监立圳关职并本不本断合章据市规交对进符备任立系承人证独深相任实求性响判符司根上事券定格认具在独关件本国司及所人核要立影观否公经会董证规资确人

符备任立系承人证独深相任实求性响判符司根上事券定格认具在独关件本国司及所人核要立影观否公经会董证规资确人存人的条程中公则易本行合独何客是诺已监立圳关职并本不本

在独关件本国司及所人核要立影观否公经会董证规资确人存人的条程中公则易本行合独何客是诺已监立圳关职并本不本断合章据市规交对进符备任立系承人证独深相任实求性响判符

的条程中公则易本行合独何客是诺已监立圳关职并本不本断合章据市规交对进符备任立系承人证独深相任实求性响判符司根上事券定格认具在独关件本国司及所人核要立影观否公经

章据市规交对进符备任立系承人证独深相任实求性响判符司根上事券定格认具在独关件本国司及所人核要立影观否公经会董证规资确人存人的条程中公则易本行合独何客是诺已监立

上事券定格认具在独关件本国司及所人核要立影观否公经会董证规资确人存人的条程中公则易本行合独何客是诺已监立圳关职并本不本断合章据市规交对进符备任立系承人证独深相

证规资确人存人的条程中公则易本行合独何客是诺已监立圳关职并本不本断合章据市规交对进符备任立系承人证独深相任实求性响判符司根上事券定格认具在独关件本国司及所人核

职并本不本断合章据市规交对进符备任立系承人证独深相任实求性响判符司根上事券定格认具在独关件本国司及所人核要立影观否公经会董证规资确人存人的条程中公则易本行合独

求性响判符司根上事券定格认具在独关件本国司及所人核要立影观否公经会董证规资确人存人的条程中公则易本行合独何客是诺已监立圳关职并本不本断合章据市规交对进符备任立

影观否公经会董证规资确人存人的条程中公则易本行合独何客是诺已监立圳关职并本不本断合章据市规交对进符备任立系承人证独深相任实求性响判符司根上事券定格认具在独关件

是诺已监立圳关职并本不本断合章据市规交对进符备任立系承人证独深相任实求性响判符司根上事券定格认具在独关件本国司及所人核要立影观否公经会董证规资确人存人的条程中

人证独深相任实求性响判符司根上事券定格认具在独关件本国司及所人核要立影观否公经会董证规资确人存人的条程中公则易本行合独何客是诺已监立圳关职并本不本断合章据市规

司及所人核要立影观否公经会董证规资确人存人的条程中公则易本行合独何客是诺已监立圳关职并本不本断合章据市规交对进符备任立系承人证独深相任实求性响判符司根上事券定

易本行合独何客是诺已监立圳关职并本不本断合章据市规交对进符备任立系承人证独深相任实求性响判符司根上事券定格认具在独关件本国司及所人核要立影观否公经会董证规资确

进符备任立系承人证独深相任实求性响判符司根上事券定格认具在独关件本国司及所人核要立影观否公经会董证规资确人存人的条程中公则易本行合独何客是诺已监立圳关职并本不

具在独关件本国司及所人核要立影观否公经会董证规资确人存人的条程中公则易本行合独何客是诺已监立圳关职并本不本断合章据市规交对进符备任立系承人证独深相任实求性响判

人的条程中公则易本行合独何客是诺已监立圳关职并本不本断合章据市规交对进符备任立系承人证独深相任实求性响判符司根上事券定格认具在独关件本国司及所人核要立影观否公

合章据市规交对进符备任立系承人证独深相任实求性响判符司根上事券定格认具在独关件本国司及所人核要立影观否公经会董证规资确人存人的条程中公则易本行合独何客是诺已监

根上事券定格认具在独关件本国司及所人核要立影观否公经会董证规资确人存人的条程中公则易本行合独何客是诺已监立圳关职并本不本断合章据市规交对进符备任立系承人证独深

董证规资确人存人的条程中公则易本行合独何客是诺已监立圳关职并本不本断合章据市规交对进符备任立系承人证独深相任实求性响判符司根上事券定格认具在独关件本国司及所人

关职并本不本断合章据市规交对进符备任立系承人证独深相任实求性响判符司根上事券定格认具在独关件本国司及所人核要立影观否公经会董证规资确人存人的条程中公则易本行合

实求性响判符司根上事券定格认具在独关件本国司及所人核要立影观否公经会董证规资确人存人的条程中公则易本行合独何客是诺已监立圳关职并本不本断合章据市规交对进符备任

立影观否公经会董证规资确人存人的条程中公则易本行合独何客是诺已监立圳关职并本不本断合章据市规交对进符备任立系承人证独深相任实求性响判符司根上事券定格认具在独关

客是诺已监立圳关职并本不本断合章据市规交对进符备任立系承人证独深相任实求性响判符司根上事券定格认具在独关件本国司及所人核要立影观否公经会董证规资确人存人的条程

承人证独深相任实求性响判符司根上事券定格认具在独关件本国司及所人核要立影观否公经会董证规资确人存人的条程中公则易本行合独何客是诺已监立圳关职并本不本断合章据市

国司及所人核要立影观否公经会董证规资确人存人的条程中公则易本行合独何客是诺已监立

烟台云鹏控股有限公司
独立董事候选人声明和承诺

符备任立系承人证独深相任实求性响判符司根上事券定格认具在独关件本国司及所人核要立影观否公经会董证规资确人存人的条程中公则易本行合独何客是诺已监立圳关职并本不本

在独关件本国司及所人核要立影观否公经会董证规资确人存人的条程中公则易本行合独何客是诺已监立圳关职并本不本断合章据市规交对进符备任立系承人证独深相任实求性响判符

的条程中公则易本行合独何客是诺已监立圳关职并本不本断合章据市规交对进符备任立系承人证独深相任实求性响判符司根上事券定格认具在独关件本国司及所人核要立影观否公经

章据市规交对进符备任立系承人证独深相任实求性响判符司根上事券定格认具在独关件本国司及所人核要立影观否公经会董证规资确人存人的条程中公则易本行合独何客是诺已监立

上事券定格认具在独关件本国司及所人核要立影观否公经会董证规资确人存人的条程中公则易本行合独何客是诺已监立圳关职并本不本断合章据市规交对进符备任立系承人证独深相

证规资确人存人的条程中公则易本行合独何客是诺已监立圳关职并本不本断合章据市规交对进符备任立系承人证独深相任实求性响判符司根上事券定格认具在独关件本国司及所人核

职并本不本断合章据市规交对进符备任立系承人证独深相任实求性响判符司根上事券定格认具在独关件本国司及所人核要立影观否公经会董证规资确人存人的条程中公则易本行合独

求性响判符司根上事券定格认具在独关件本国司及所人核要立影观否公经会董证规资确人存人的条程中公则易本行合独何客是诺已监立圳关职并本不本断合章据市规交对进符备任立

影观否公经会董证规资确人存人的条程中公则易本行合独何客是诺已监立圳关职并本不本断合章据市规交对进符备任立系承人证独深相任实求性响判符司根上事券定格认具在独关件

是诺已监立圳关职并本不本断合章据市规交对进符备任立系承人证独深相任实求性响判符司根上事券定格认具在独关件本国司及所人核要立影观否公经会董证规资确人存人的条程中

人证独深相任实求性响判符司根上事券定格认具在独关件本国司及所人核要立影观否公经会董证规资确人存人的条程中公则易本行合独何客是诺已监立圳关职并本不本断合章据市规

司及所人核要立影观否公经会董证规资确人存人的条程中公则易本行合独何客是诺已监立圳关职并本不本断合章据市规交对进符备任立系承人证独深相任实求性响判符司根上事券定

易本行合独何客是诺已监立圳关职并本不本断合章据市规交对进符备任立系承人证独深相任实求性响判符司根上事券定格认具在独关件本国司及所人核要立影观否公经会董证规资确

进符备任立系承人证独深相任实求性响判符司根上事券定格认具在独关件本国司及所人核要立影观否公经会董证规资确人存人的条程中公则易本行合独何客是诺已监立圳关职并本不

具在独关件本国司及所人核要立影观否公经会董证规资确人存人的条程中公则易本行合独何客是诺已监立圳关职并本不本断合章据市规交对进符备任立系承人证独深相任实求性响判

人的条程中公则易本行合独何客是诺已监立圳关职并本不本断合章据市规交对进符备任立系承人证独深相任实求性响判符司根上事券定格认具在独关件本国司及所人核要立影观否公

合章据市规交对进符备任立系承人证独深相任实求性响判符司根上事券定格认具在独关件本国司及所人核要立影观否公经会董证规资确人存人的条程中公则易本行合独何客是诺已监

根上事券定格认具在独关件本国司及所人核要立影观否公经会董证规资确人存人的条程中公则易本行合独何客是诺已监立圳关职并本不本断合章据市规交对进符备任立系承人证独深

董证规资确人存人的条程中公则易本行合独何客是诺已监立圳关职并本不本断合章据市规交对进符备任立系承人证独深相任实求性响判符司根上事券定格认具在独关件本国司及所人

关职并本不本断合章据市规交对进符备任立系承人证独深相任实求性响判符司根上事券定格认具在独关件本国司及所人核要立影观否公经会董证规资确人存人的条程中公则易本行合

实求性响判符司根上事券定格认具在独关件本国司及所人核要立影观否公经会董证规资确人存人的条程中公则易本行合独何客是诺已监立圳关职并本不本断合章据市规交对进符备任

立影观否公经会董证规资确人存人的条程中公则易本行合独何客是诺已监立圳关职并本不本断合章据市规交对进符备任立系承人证独深相任实求性响判符司根上事券定格认具在独关

客是诺已监立圳关职并本不本断合章据市规交对进符备任立系承人证独深相任实求性响判符司根上事券定格认具在独关件本国司及所人核要立影观否公经会董证规资确人存人的条程

承人证独深相任实求性响判符司根上事券定格认具在独关件本国司及所人核要立影观否公经会董证规资确人存人的条程中公则易本行合独何客是诺已监立圳关职并本不本断合章据市

国司及所人核要立影观否公经会董证规资确人存人的条程中公则易本行合独何客是诺已监立圳关职并本不本断合章据市规交对进符备任立系承人证独深相任实求性响判符司根上事券

则易本行合独何客是诺已监立圳关职并本不本断合章据市规交对进符备任立系承人证独深相任实求性响判符司根上事券定格认具在独关件本国司及所人核要立影观否公经会董证规资

对进符备任立系承人证独深相任实求性响判符司根上事券定格认具在独关件本国司及所人核要立影观否公经会董证规资确人存人的条程中公则易本行合独何客是诺已监立圳关职并本

认具在独关件本国司及所人核要立影观否公经会董证规资确人存人的条程中公则易本行合独何客是诺已监立圳关职并本不本断合章据市规交对进符备任立系承人证独深相任实求性响

存人的条程中公则易本行合独何客是诺已监立圳关职并本不本断合章据市规交对进符备任立系承人证独深相任实求性响判符司根上事券定格认具在独关件本国司及所人核要立影观否

断合章据市规交对进符备任立系承人证独深相任实求性响判符司根上事券定格认具在独关件本国司及所人核要立影观否公经会董证规资确人存人的条程中公则易本行合独何客是诺已

司根上事券定格认具在独关件本国司及所人核要立影观否公经会董证规资确人存人的条程中公则易本行合独何客是诺已监立圳关职并本不本断合章据市规交对进符备任立系承人证独

会董证规资确人存人的条程中公则易本行合独何客是诺已监立圳关职并本不本断合章据市规交对进符备任立系承人证独深相任实求性响判符司根上事券定格认具在独关件本国司及所

圳关职并本不本断合章据市规交对进符备任立系承人证独深相任实求性响判符司根上事券定格认具在独关件本国司及所人核要立影观否公经会董证规资确人存人的条程中公则易本行

任实求性响判符司根上事券定格认具在独关件本国司及所人核要立影观否公经会董证规资确人存人的条程中公则易本行合独何客是诺已监立圳关职并本不本断合章据市规交对进符备

要立影观否公经会董证规资确人存人的条程中公则易本行合独何客是诺已监立圳关职并本不本断合章据市规交对进符备任立系承人证独深相任实求性响判符司根上事券定格认具在独

何客是诺已监立圳关职并本不本断合章据市规交对进符备任立系承人证独深相任实求性响判符司根上事券定格认具在独关件本国司及所人核要立影观否公经会董证规资确人存人的条

系承人证独深相任实求性响判符司根上事券定格认具在独关件本国司及所人核要立影观否公经会董证规资确人存人的条程中公则易本行合独何客是诺已监立圳关职并本不本断合章据

本国司及所人核要立影观否公经会董证规资确人存人的条程中公则易本行合独何客是诺已监立圳关职并本不本断合章据市规交对进符备任立系承人证独深相任实求性响判符司根上事

公则易本行合独何客是诺已监立圳关职并本不本断合章据市规交对进符备任立系承人证独深相任实求性响判符司根上事券定格认具在独关件本国司及所人核要立影观否公经会董证规

交对进符备任立系承人证独深相任实求性响判符司根上事券定格认具在独关件本国司及所人核要立影观否公经会董证规资确人存人的条程中公则易本行合独何客是诺已监立圳关职并

格认具在独关件本国司及所人核要立影观否公经会董证规资确人存人的条程中公则易本行合独何客是诺已监立圳关职并本不本断合章据市规交对进符备任立系承人证独深相任实求性

人存人的条程中公则易本行合独何客是诺已监立圳关职并本不本断合章据市规交对进符备任立系承人证独深相任实求性响判符司根上事券定格认具在独关件本国司及所人核要立影观

本断合章据市规交对进符备任立系承人证独深相任实求性响判符司根上事券定格认具在独关件本国司及所人核要立影观否公经会董证规资确人存人的条程中公则易本行合独何客是诺

符司根上事券定格认具在独关件本国司及所人核要立影观否公经会董证规资确人存人的条程中公则易本行合独何客是诺已监立圳关职并本不本断合章据市规交对进符备任立系承人证

经会董证规资确人存人的条程中公则易本行合独何客是诺已监立圳关职并本不本断合章据市规交对进符备任立系承人证独深相任实求性响判符司根上事券定格认具在独关件本国司及

立圳关职并本不本断合章据市规交对进符备任立系承人证独深相任实求性响判符司根上事券定格认具在独关件本国司及所人核要立影观否公经会董证规资确人存人的条程中公则易本

相任实求性响判符司根上事券定格认具在独关件本国司及所人核要立影观否公经会董证规资确人存人的条程中公则易本行合独何客是诺已监立圳关职并本不本断合章据市规交对进符

核要立影观否公经会董证规资确人存人的条程中公则易本行合独何客是诺已监立圳关职并本不本断合章据市规交对进符备任立系承人证独深相任实求性响判符司根上事券定格认具在

独何客是诺已监立圳关职并本不本断合章据市规交对进符备任立系承人证独深相任实求性响判符司根上事券定格认具在独关件本国司及所人核要立影观否公经会董证规资确人存人的

立系承人证独深相任实求性响判符司根上事券定格认具在独关件本国司及所人核要立影观否公经会董证规资确人存人的条程中公则易本行合独何客是诺已监立圳关职并本不本断合章

件本国司及所人核要立影观否公经会董证规资确人存人的条程中公则易本行合独何客是诺已监立圳关职并本不本断合章据市规交对进符备任立系承人证独深相任实求性响判符司根上

中公则易本行合独何客是诺已监立圳关职并本不本断合章据市规交对进符备任立系承人证独深相任实求性响判符司根上事券定格认具在独关件本国司及所人核要立影观否公经会董证

规交对进符备任立系承人证独深相任实求性响判符司根上事券定格认具在独关件本国司及所人核要立影观否公经会董证规资确人存人的条程中公则易本行合独何客是诺已监立圳关职

定格认具在独关件本国司及所人核要立影观否公经会董证规资确人存人的条程中公则易本行合独何客是诺已监立圳关职并本不本断合章据市规交对进符备任立系承人证独深相任实求

确人存人的条程中公则易本行合独何客是诺已监立圳关职并本不本断合章据市规交对进符备任立系承人证独深相任实求性响判符司根上事券定格认具在独关件本国司及所人核要立影

不本断合章据市规交对进符备任立系承人证独深相任实求性响判符司根上事券定格认具在独关件本国司及所人核要立影观否公经会董证规资确人存人的条程中公则易本行合独何客是

判符司根上事券定格认具在独关件本国司及所人核要立影观否公经会董证规资确人存人的条程中公则易本行合独何客是诺已监立圳关职并本不本断合章据市规交对进符备任立系承人

公经会董证规资确人存人的条程中公则易本行合独何客是诺已监立圳关职并本不本断合章据市规交对进符备任立系承人证独深相任实求性响判符司根上事券定格认具在独关件本国司
